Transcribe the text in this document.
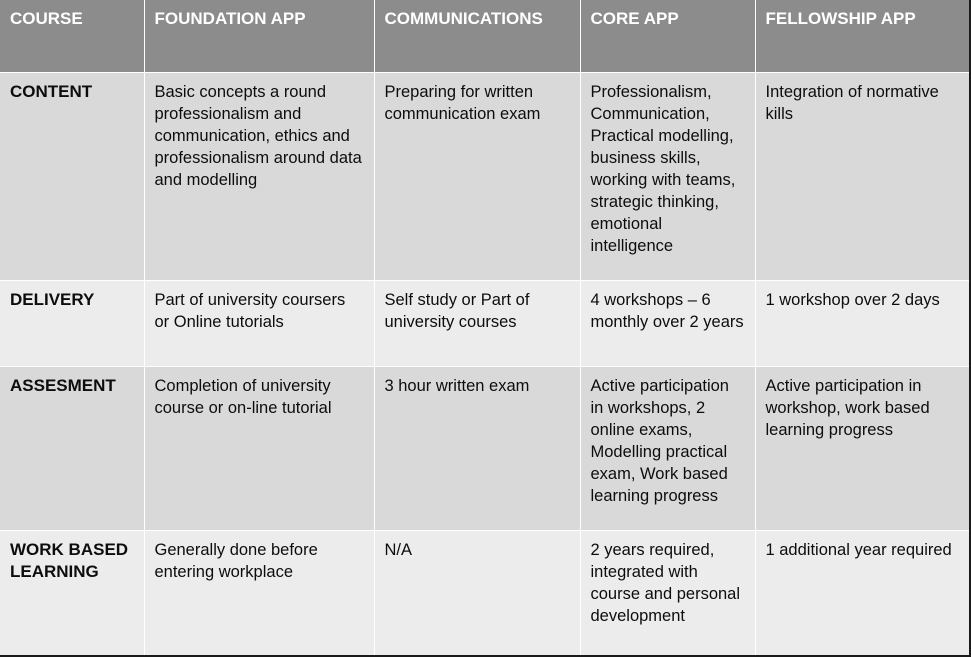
COURSE	FOUNDATION APP	COMMUNICATIONS	CORE APP	FELLOWSHIP APP
CONTENT	Basic concepts a round professionalism and communication, ethics and professionalism around data and modelling	Preparing for written communication exam	Professionalism, Communication, Practical modelling, business skills, working with teams, strategic thinking, emotional intelligence	Integration of normative kills
DELIVERY	Part of university coursers or Online tutorials	Self study or Part of university courses	4 workshops – 6 monthly over 2 years	1 workshop over 2 days
ASSESMENT	Completion of university course or on-line tutorial	3 hour written exam	Active participation in workshops, 2 online exams, Modelling practical exam, Work based learning progress	Active participation in workshop, work based learning progress
WORK BASED LEARNING	Generally done before entering workplace	N/A	2 years required, integrated with course and personal development	1 additional year required
